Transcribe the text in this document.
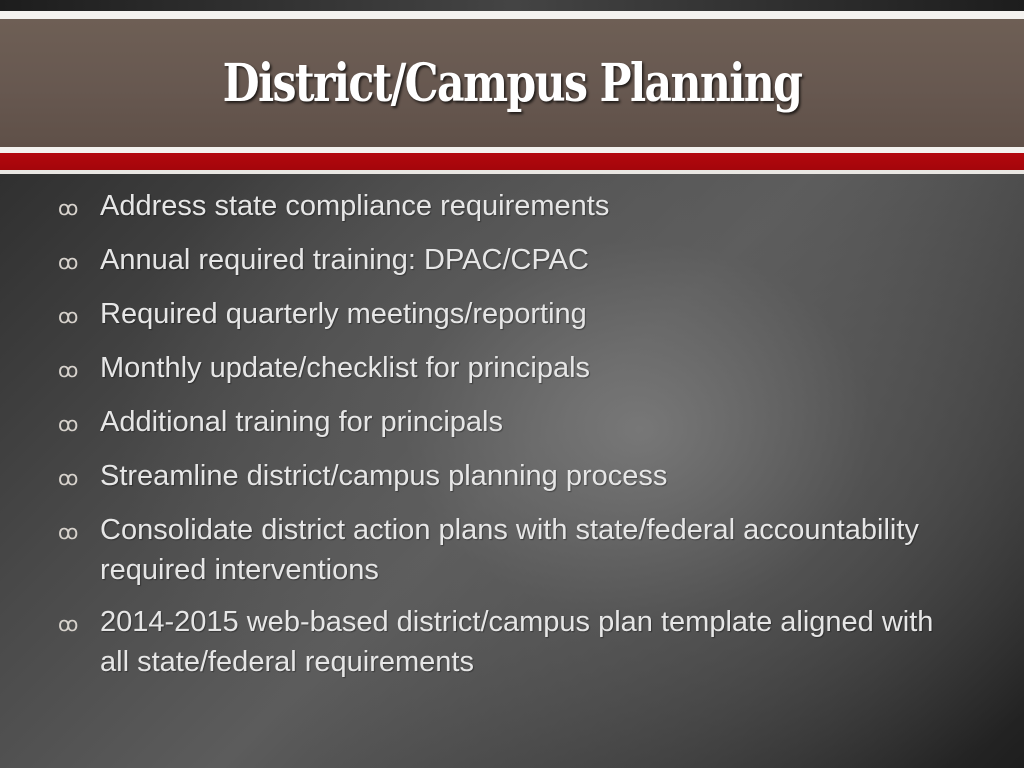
District/Campus Planning
ꝏ Address state compliance requirements
ꝏ Annual required training: DPAC/CPAC
ꝏ Required quarterly meetings/reporting
ꝏ Monthly update/checklist for principals
ꝏ Additional training for principals
ꝏ Streamline district/campus planning process
ꝏ Consolidate district action plans with state/federal accountability required interventions
ꝏ 2014-2015 web-based district/campus plan template aligned with all state/federal requirements
